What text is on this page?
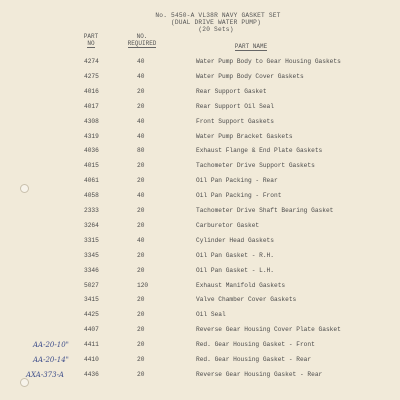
No. 5450-A VL38R NAVY GASKET SET
(DUAL DRIVE WATER PUMP)
(20 Sets)
PART
NO
NO.
REQUIRED	PART NAME
4274	40	Water Pump Body to Gear Housing Gaskets
4275	40	Water Pump Body Cover Gaskets
4016	20	Rear Support Gasket
4017	20	Rear Support Oil Seal
4308	40	Front Support Gaskets
4319	40	Water Pump Bracket Gaskets
4036	80	Exhaust Flange & End Plate Gaskets
4015	20	Tachometer Drive Support Gaskets
4061	20	Oil Pan Packing - Rear
4058	40	Oil Pan Packing - Front
2333	20	Tachometer Drive Shaft Bearing Gasket
3264	20	Carburetor Gasket
3315	40	Cylinder Head Gaskets
3345	20	Oil Pan Gasket - R.H.
3346	20	Oil Pan Gasket - L.H.
5027	120	Exhaust Manifold Gaskets
3415	20	Valve Chamber Cover Gaskets
4425	20	Oil Seal
4407	20	Reverse Gear Housing Cover Plate Gasket
4411	20	Red. Gear Housing Gasket - Front
4410	20	Red. Gear Housing Gasket - Rear
4436	20	Reverse Gear Housing Gasket - Rear
AA-20-10"
AA-20-14"
AXA-373-A
